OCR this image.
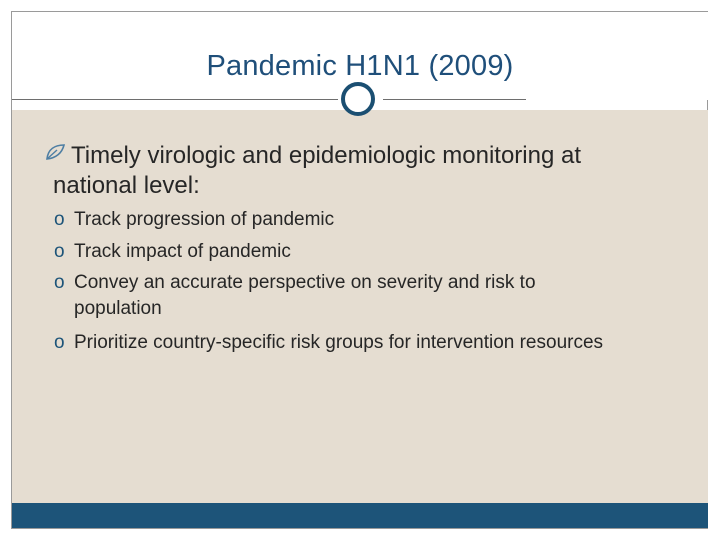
Pandemic H1N1 (2009)
Timely virologic and epidemiologic monitoring at
national level:
o Track progression of pandemic
o Track impact of pandemic
o Convey an accurate perspective on severity and risk to
population
o Prioritize country-specific risk groups for intervention resources
